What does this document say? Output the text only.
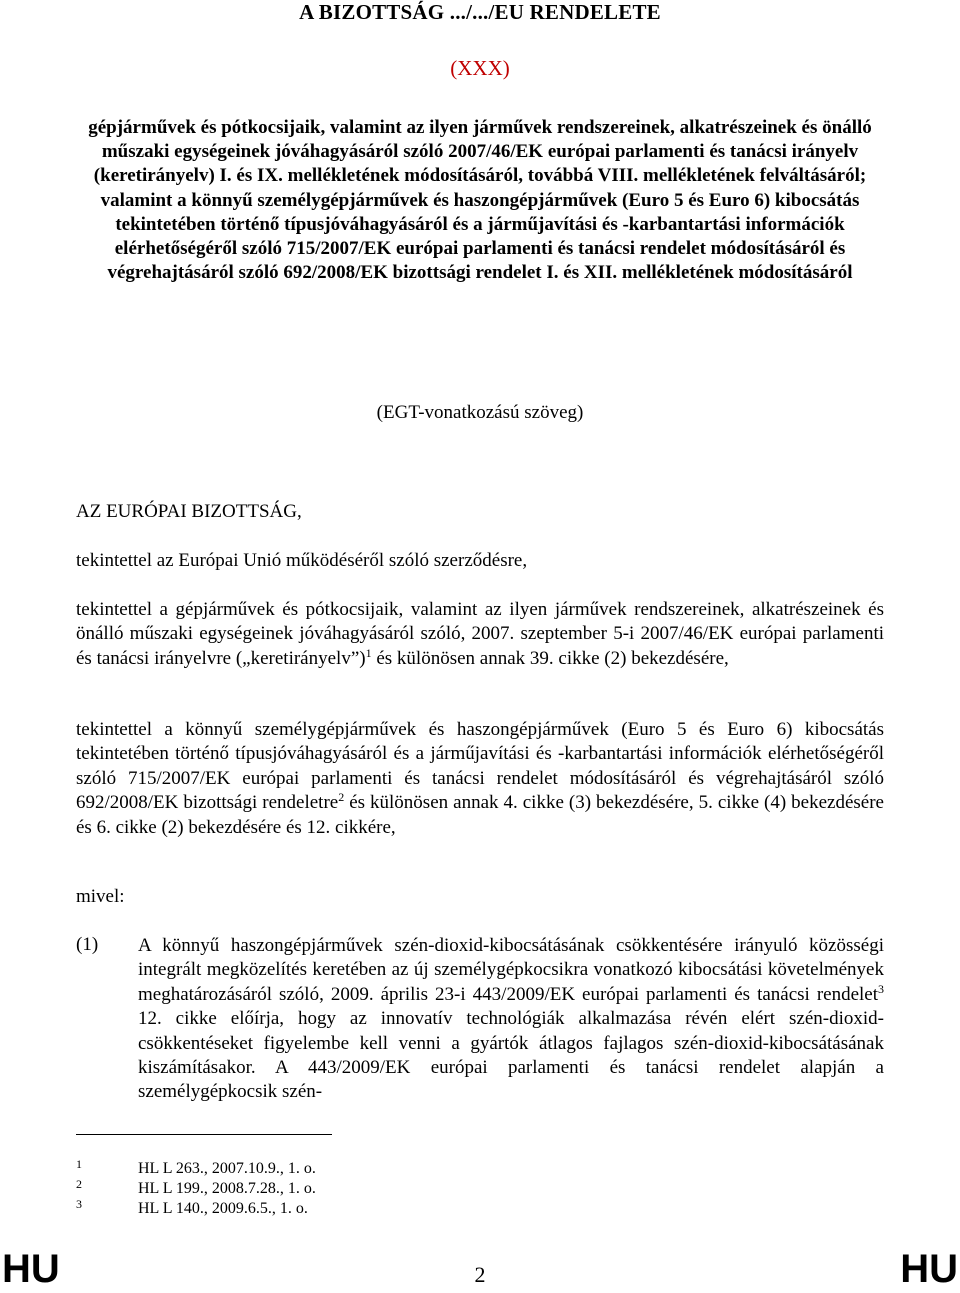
A BIZOTTSÁG .../.../EU RENDELETE
(XXX)
gépjárművek és pótkocsijaik, valamint az ilyen járművek rendszereinek, alkatrészeinek és önálló műszaki egységeinek jóváhagyásáról szóló 2007/46/EK európai parlamenti és tanácsi irányelv (keretirányelv) I. és IX. mellékletének módosításáról, továbbá VIII. mellékletének felváltásáról; valamint a könnyű személygépjárművek és haszongépjárművek (Euro 5 és Euro 6) kibocsátás tekintetében történő típusjóváhagyásáról és a járműjavítási és -karbantartási információk elérhetőségéről szóló 715/2007/EK európai parlamenti és tanácsi rendelet módosításáról és végrehajtásáról szóló 692/2008/EK bizottsági rendelet I. és XII. mellékletének módosításáról
(EGT-vonatkozású szöveg)
AZ EURÓPAI BIZOTTSÁG,
tekintettel az Európai Unió működéséről szóló szerződésre,
tekintettel a gépjárművek és pótkocsijaik, valamint az ilyen járművek rendszereinek, alkatrészeinek és önálló műszaki egységeinek jóváhagyásáról szóló, 2007. szeptember 5-i 2007/46/EK európai parlamenti és tanácsi irányelvre („keretirányelv”)$^1$ és különösen annak 39. cikke (2) bekezdésére,
tekintettel a könnyű személygépjárművek és haszongépjárművek (Euro 5 és Euro 6) kibocsátás tekintetében történő típusjóváhagyásáról és a járműjavítási és -karbantartási információk elérhetőségéről szóló 715/2007/EK európai parlamenti és tanácsi rendelet módosításáról és végrehajtásáról szóló 692/2008/EK bizottsági rendeletre$^2$ és különösen annak 4. cikke (3) bekezdésére, 5. cikke (4) bekezdésére és 6. cikke (2) bekezdésére és 12. cikkére,
mivel:
(1) A könnyű haszongépjárművek szén-dioxid-kibocsátásának csökkentésére irányuló közösségi integrált megközelítés keretében az új személygépkocsikra vonatkozó kibocsátási követelmények meghatározásáról szóló, 2009. április 23-i 443/2009/EK európai parlamenti és tanácsi rendelet$^3$ 12. cikke előírja, hogy az innovatív technológiák alkalmazása révén elért szén-dioxid-csökkentéseket figyelembe kell venni a gyártók átlagos fajlagos szén-dioxid-kibocsátásának kiszámításakor. A 443/2009/EK európai parlamenti és tanácsi rendelet alapján a személygépkocsik szén-
1	HL L 263., 2007.10.9., 1. o.
2	HL L 199., 2008.7.28., 1. o.
3	HL L 140., 2009.6.5., 1. o.
HU	2	HU
